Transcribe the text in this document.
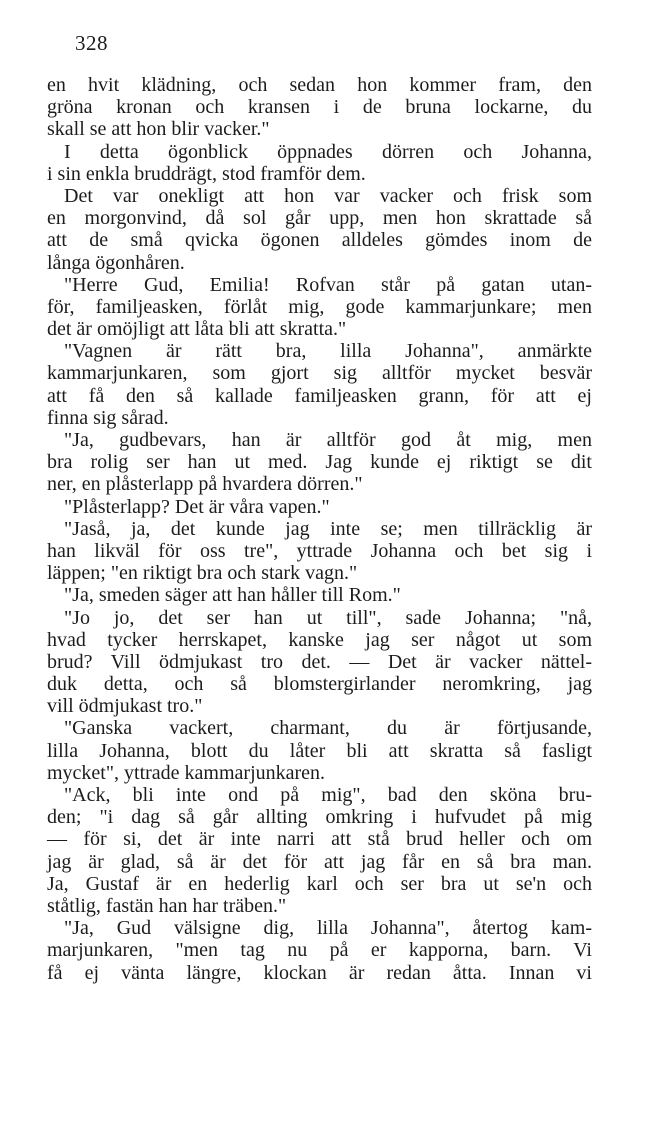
328
en hvit klädning, och sedan hon kommer fram, den
gröna kronan och kransen i de bruna lockarne, du
skall se att hon blir vacker."
I detta ögonblick öppnades dörren och Johanna,
i sin enkla bruddrägt, stod framför dem.
Det var onekligt att hon var vacker och frisk som
en morgonvind, då sol går upp, men hon skrattade så
att de små qvicka ögonen alldeles gömdes inom de
långa ögonhåren.
"Herre Gud, Emilia! Rofvan står på gatan utan-
för, familjeasken, förlåt mig, gode kammarjunkare; men
det är omöjligt att låta bli att skratta."
"Vagnen är rätt bra, lilla Johanna", anmärkte
kammarjunkaren, som gjort sig alltför mycket besvär
att få den så kallade familjeasken grann, för att ej
finna sig sårad.
"Ja, gudbevars, han är alltför god åt mig, men
bra rolig ser han ut med. Jag kunde ej riktigt se dit
ner, en plåsterlapp på hvardera dörren."
"Plåsterlapp? Det är våra vapen."
"Jaså, ja, det kunde jag inte se; men tillräcklig är
han likväl för oss tre", yttrade Johanna och bet sig i
läppen; "en riktigt bra och stark vagn."
"Ja, smeden säger att han håller till Rom."
"Jo jo, det ser han ut till", sade Johanna; "nå,
hvad tycker herrskapet, kanske jag ser något ut som
brud? Vill ödmjukast tro det. — Det är vacker nättel-
duk detta, och så blomstergirlander neromkring, jag
vill ödmjukast tro."
"Ganska vackert, charmant, du är förtjusande,
lilla Johanna, blott du låter bli att skratta så fasligt
mycket", yttrade kammarjunkaren.
"Ack, bli inte ond på mig", bad den sköna bru-
den; "i dag så går allting omkring i hufvudet på mig
— för si, det är inte narri att stå brud heller och om
jag är glad, så är det för att jag får en så bra man.
Ja, Gustaf är en hederlig karl och ser bra ut se'n och
ståtlig, fastän han har träben."
"Ja, Gud välsigne dig, lilla Johanna", återtog kam-
marjunkaren, "men tag nu på er kapporna, barn. Vi
få ej vänta längre, klockan är redan åtta. Innan vi
